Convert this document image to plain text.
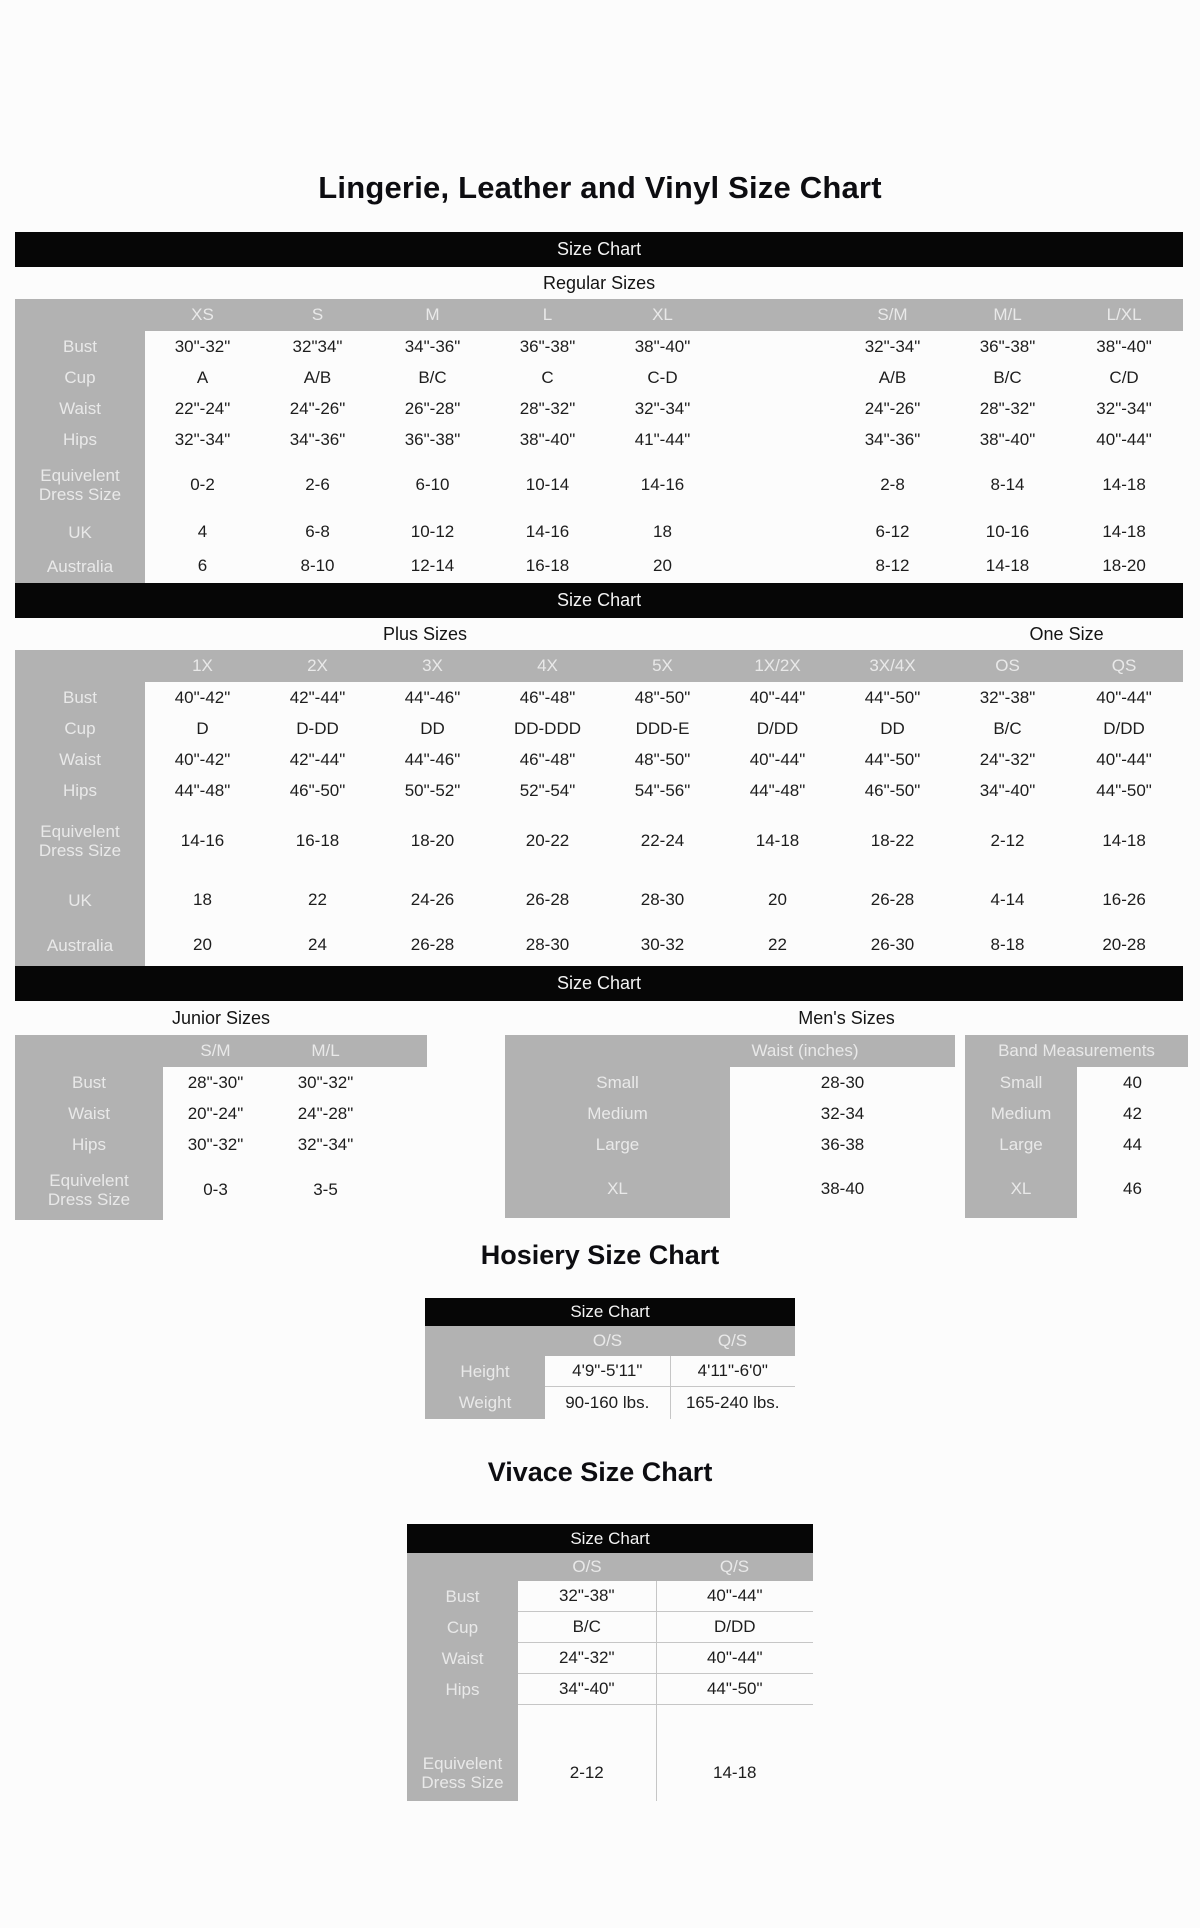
Lingerie, Leather and Vinyl Size Chart
Size Chart									
Regular Sizes									
	XS	S	M	L	XL		S/M	M/L	L/XL
Bust	30"-32"	32"34"	34"-36"	36"-38"	38"-40"		32"-34"	36"-38"	38"-40"
Cup	A	A/B	B/C	C	C-D		A/B	B/C	C/D
Waist	22"-24"	24"-26"	26"-28"	28"-32"	32"-34"		24"-26"	28"-32"	32"-34"
Hips	32"-34"	34"-36"	36"-38"	38"-40"	41"-44"		34"-36"	38"-40"	40"-44"
Equivelent Dress Size	0-2	2-6	6-10	10-14	14-16		2-8	8-14	14-18
UK	4	6-8	10-12	14-16	18		6-12	10-16	14-18
Australia	6	8-10	12-14	16-18	20		8-12	14-18	18-20
Size Chart									
Plus Sizes								One Size	
	1X	2X	3X	4X	5X	1X/2X	3X/4X	OS	QS
Bust	40"-42"	42"-44"	44"-46"	46"-48"	48"-50"	40"-44"	44"-50"	32"-38"	40"-44"
Cup	D	D-DD	DD	DD-DDD	DDD-E	D/DD	DD	B/C	D/DD
Waist	40"-42"	42"-44"	44"-46"	46"-48"	48"-50"	40"-44"	44"-50"	24"-32"	40"-44"
Hips	44"-48"	46"-50"	50"-52"	52"-54"	54"-56"	44"-48"	46"-50"	34"-40"	44"-50"
Equivelent Dress Size	14-16	16-18	18-20	20-22	22-24	14-18	18-22	2-12	14-18
UK	18	22	24-26	26-28	28-30	20	26-28	4-14	16-26
Australia	20	24	26-28	28-30	30-32	22	26-30	8-18	20-28
Size Chart
Junior Sizes	Men's Sizes
	S/M	M/L	
Bust	28"-30"	30"-32"	
Waist	20"-24"	24"-28"	
Hips	30"-32"	32"-34"	
Equivelent Dress Size	0-3	3-5	
Waist (inches)	Band Measurements
Small	28-30	Small	40
Medium	32-34	Medium	42
Large	36-38	Large	44
XL	38-40	XL	46
Hosiery Size Chart
Size Chart		
	O/S	Q/S
Height	4'9"-5'11"	4'11"-6'0"
Weight	90-160 lbs.	165-240 lbs.
Vivace Size Chart
Size Chart		
	O/S	Q/S
Bust	32"-38"	40"-44"
Cup	B/C	D/DD
Waist	24"-32"	40"-44"
Hips	34"-40"	44"-50"

Equivelent Dress Size	2-12	14-18
